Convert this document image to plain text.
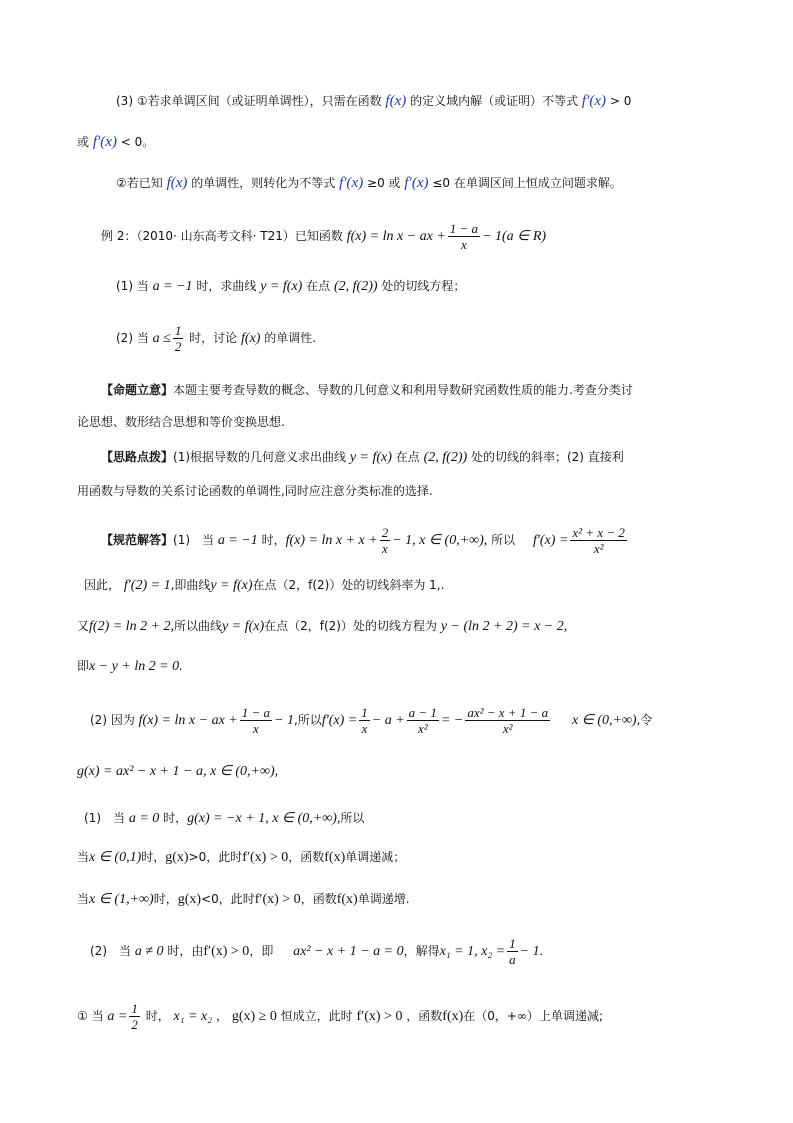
(3) ①若求单调区间（或证明单调性），只需在函数 f(x) 的定义域内解（或证明）不等式 f′(x) > 0
或 f′(x) < 0。
②若已知 f(x) 的单调性，则转化为不等式 f′(x) ≥0 或 f′(x) ≤0 在单调区间上恒成立问题求解。
例 2：（2010· 山东高考文科· T21）已知函数 f(x) = ln x − ax + $\frac{1 - a}{x} - 1(a$ ∈ R)
(1) 当 a = −1 时，求曲线 y = f(x) 在点 (2, f(2)) 处的切线方程；
(2) 当 $a \le \frac{1}{2}$ 时，讨论 f(x) 的单调性.
【命题立意】本题主要考查导数的概念、导数的几何意义和利用导数研究函数性质的能力.考查分类讨
论思想、数形结合思想和等价变换思想.
【思路点拨】(1)根据导数的几何意义求出曲线 y = f(x) 在点 (2, f(2)) 处的切线的斜率；(2) 直接利
用函数与导数的关系讨论函数的单调性,同时应注意分类标准的选择.
【规范解答】(1)　当 a = −1 时，$f(x) = \ln x + x + \frac{2}{x} - 1$, x ∈ (0,+∞), 所以 $f'(x) = \frac{\text{x² + x − 2}}{\text{x²}}$
因此， f′(2) = 1,即曲线y = f(x)在点（2，f(2)）处的切线斜率为 1,.
又f(2) = ln 2 + 2,所以曲线y = f(x)在点（2，f(2)）处的切线方程为 y − (ln 2 + 2) = x − 2,
即x − y + ln 2 = 0.
(2) 因为 f(x) = ln x − ax + $\frac{1 - a}{x} - 1$,所以$f'(x) = \frac{1}{x} - a + \frac{a - 1}{\text{x²}}$ = − $\frac{\text{ax² − x + 1 − a}}{\text{x²}}$ x ∈ (0,+∞),令
g(x) = ax² − x + 1 − a, x ∈ (0,+∞),
(1)　当 a = 0 时，g(x) = −x + 1, x ∈ (0,+∞),所以
当x ∈ (0,1)时，g(x)>0，此时f′(x) > 0，函数f(x)单调递减；
当x ∈ (1,+∞)时，g(x)<0，此时f′(x) > 0，函数f(x)单调递增.
(2)　当 a ≠ 0 时，由f′(x) > 0，即 ax² − x + 1 − a = 0，解得x₁ = 1, $x_2 = \frac{1}{a} - 1$.
① 当 $a = \frac{1}{2}$ 时， x₁ = x₂ ， g(x) ≥ 0 恒成立，此时 f′(x) > 0 ，函数f(x)在（0，+∞）上单调递减;
